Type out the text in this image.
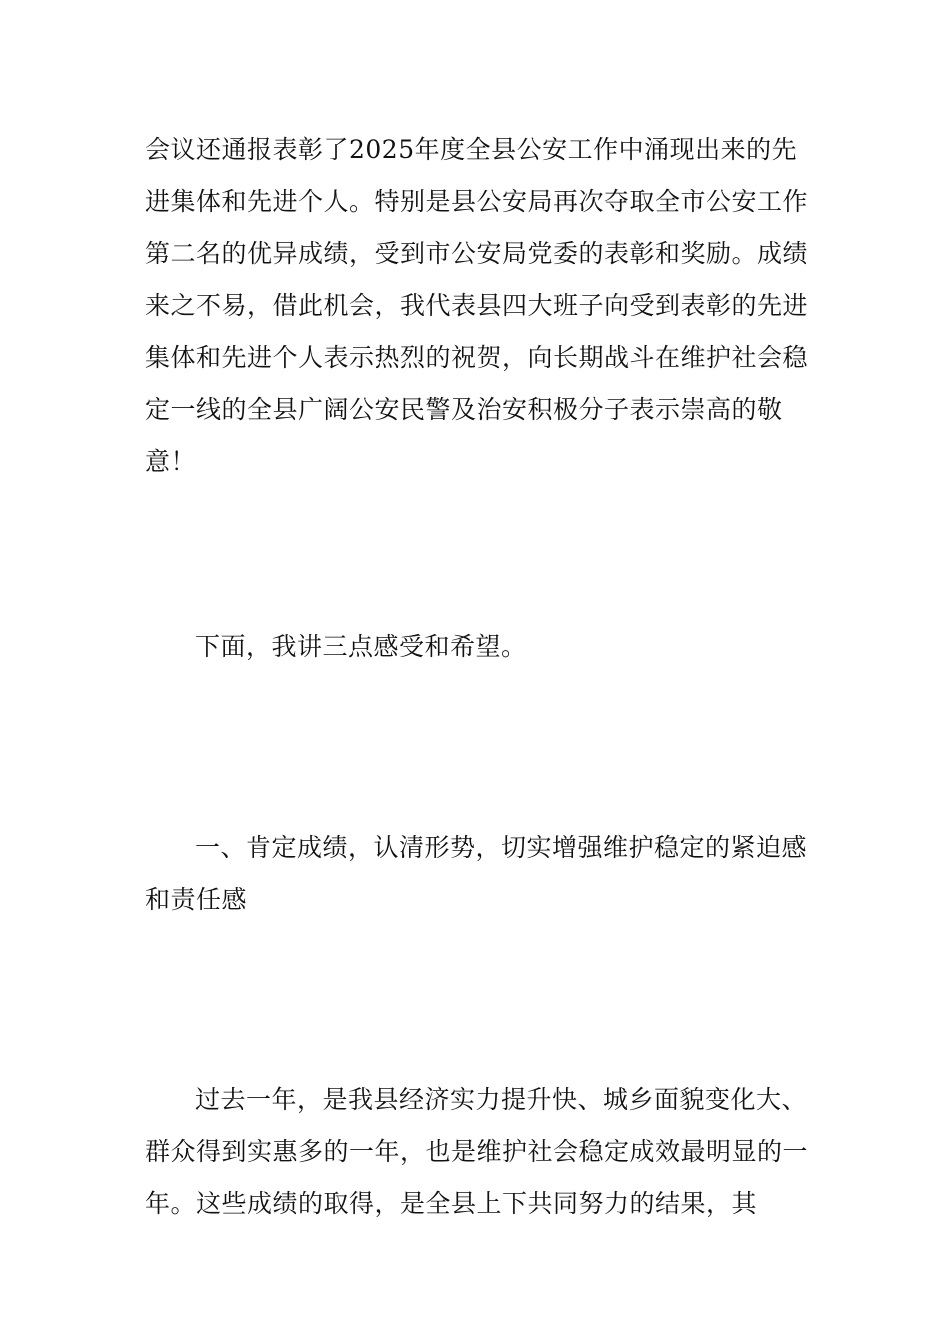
会议还通报表彰了2025年度全县公安工作中涌现出来的先进集体和先进个人。特别是县公安局再次夺取全市公安工作第二名的优异成绩，受到市公安局党委的表彰和奖励。成绩来之不易，借此机会，我代表县四大班子向受到表彰的先进集体和先进个人表示热烈的祝贺，向长期战斗在维护社会稳定一线的全县广阔公安民警及治安积极分子表示崇高的敬意！

下面，我讲三点感受和希望。

一、肯定成绩，认清形势，切实增强维护稳定的紧迫感和责任感

过去一年，是我县经济实力提升快、城乡面貌变化大、群众得到实惠多的一年，也是维护社会稳定成效最明显的一年。这些成绩的取得，是全县上下共同努力的结果，其
